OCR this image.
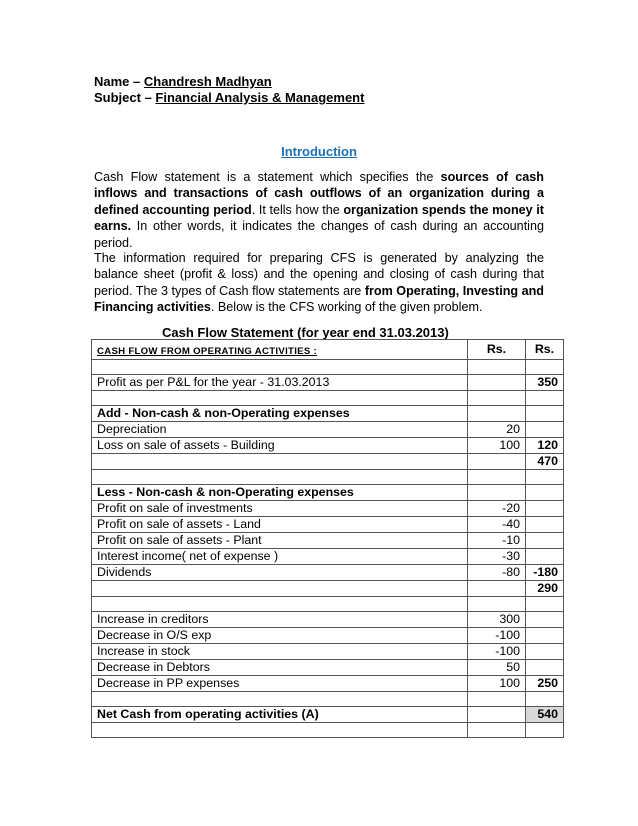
Name – Chandresh Madhyan
Subject – Financial Analysis & Management
Introduction
Cash Flow statement is a statement which specifies the sources of cash inflows and transactions of cash outflows of an organization during a defined accounting period. It tells how the organization spends the money it earns. In other words, it indicates the changes of cash during an accounting period.
The information required for preparing CFS is generated by analyzing the balance sheet (profit & loss) and the opening and closing of cash during that period. The 3 types of Cash flow statements are from Operating, Investing and Financing activities. Below is the CFS working of the given problem.
Cash Flow Statement (for year end 31.03.2013)
CASH FLOW FROM OPERATING ACTIVITIES :	Rs.	Rs.

Profit as per P&L for the year - 31.03.2013		350

Add - Non-cash & non-Operating expenses		
Depreciation	20	
Loss on sale of assets - Building	100	120
		470

Less - Non-cash & non-Operating expenses		
Profit on sale of investments	-20	
Profit on sale of assets - Land	-40	
Profit on sale of assets - Plant	-10	
Interest income( net of expense )	-30	
Dividends	-80	-180
		290

Increase in creditors	300	
Decrease in O/S exp	-100	
Increase in stock	-100	
Decrease in Debtors	50	
Decrease in PP expenses	100	250

Net Cash from operating activities (A)		540
